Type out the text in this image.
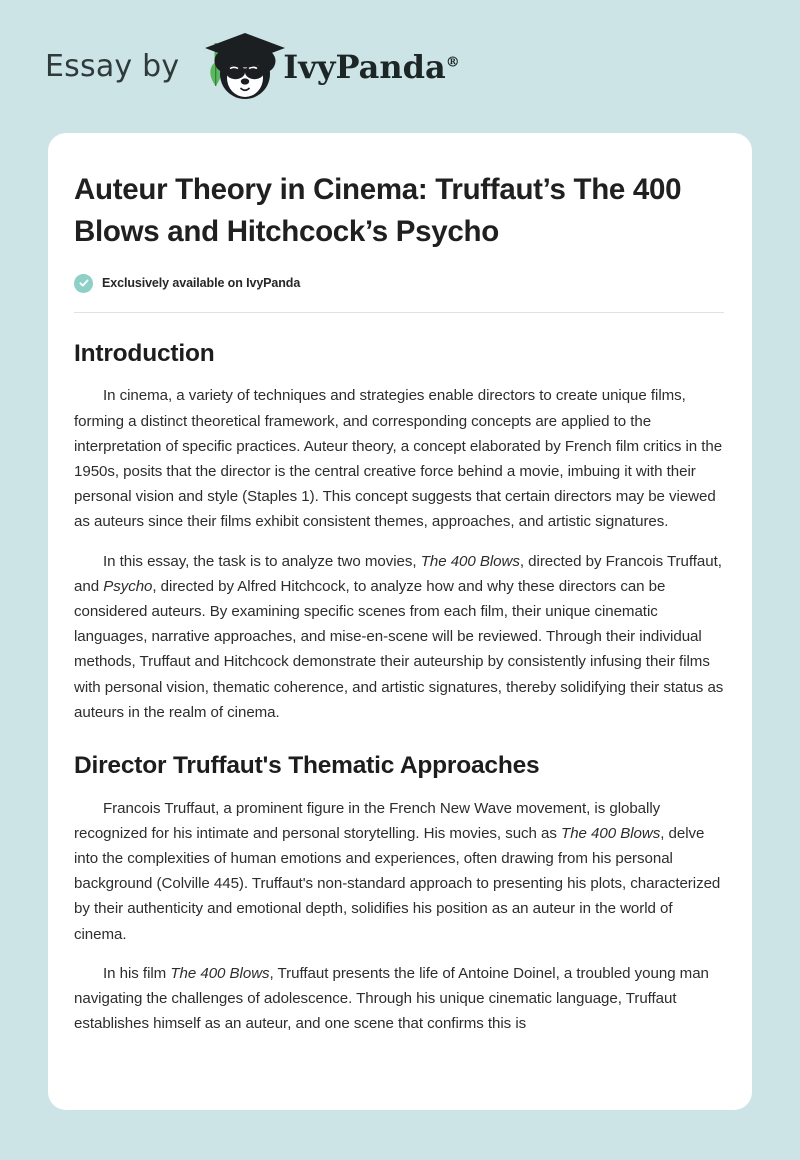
Essay by	IvyPanda®
Auteur Theory in Cinema: Truffaut’s The 400 Blows and Hitchcock’s Psycho
Exclusively available on IvyPanda
Introduction

In cinema, a variety of techniques and strategies enable directors to create unique films, forming a distinct theoretical framework, and corresponding concepts are applied to the interpretation of specific practices. Auteur theory, a concept elaborated by French film critics in the 1950s, posits that the director is the central creative force behind a movie, imbuing it with their personal vision and style (Staples 1). This concept suggests that certain directors may be viewed as auteurs since their films exhibit consistent themes, approaches, and artistic signatures.

In this essay, the task is to analyze two movies, The 400 Blows, directed by Francois Truffaut, and Psycho, directed by Alfred Hitchcock, to analyze how and why these directors can be considered auteurs. By examining specific scenes from each film, their unique cinematic languages, narrative approaches, and mise-en-scene will be reviewed. Through their individual methods, Truffaut and Hitchcock demonstrate their auteurship by consistently infusing their films with personal vision, thematic coherence, and artistic signatures, thereby solidifying their status as auteurs in the realm of cinema.

Director Truffaut's Thematic Approaches

Francois Truffaut, a prominent figure in the French New Wave movement, is globally recognized for his intimate and personal storytelling. His movies, such as The 400 Blows, delve into the complexities of human emotions and experiences, often drawing from his personal background (Colville 445). Truffaut's non-standard approach to presenting his plots, characterized by their authenticity and emotional depth, solidifies his position as an auteur in the world of cinema.

In his film The 400 Blows, Truffaut presents the life of Antoine Doinel, a troubled young man navigating the challenges of adolescence. Through his unique cinematic language, Truffaut establishes himself as an auteur, and one scene that confirms this is
